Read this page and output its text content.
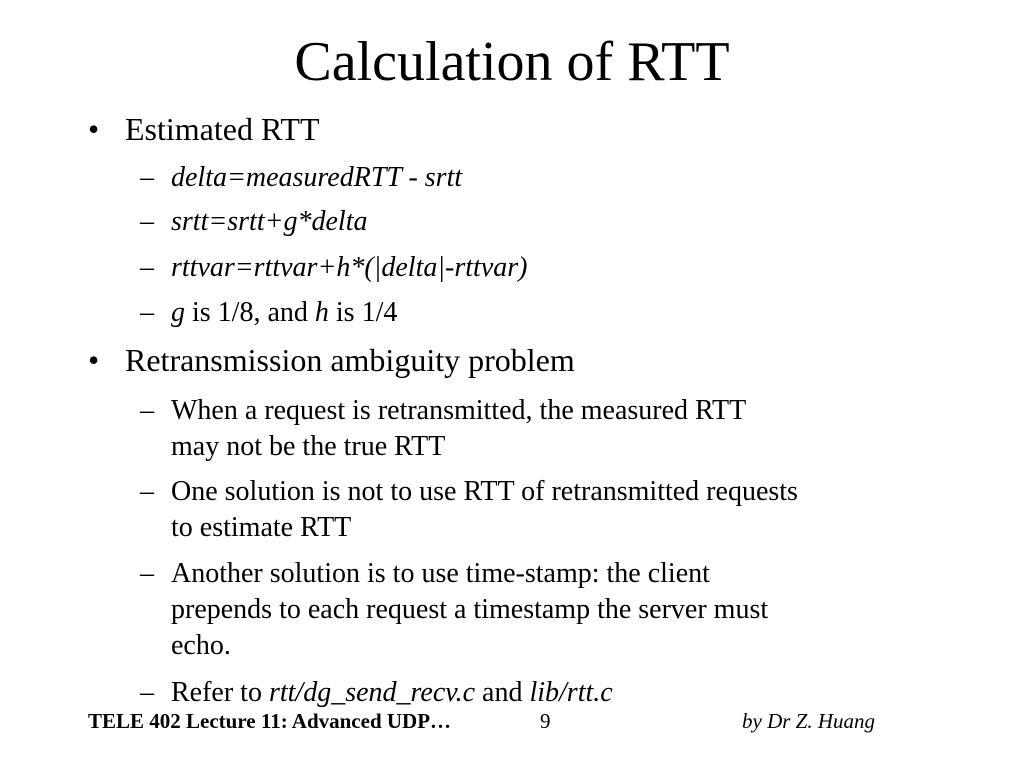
Calculation of RTT
• Estimated RTT
– delta=measuredRTT - srtt
– srtt=srtt+g*delta
– rttvar=rttvar+h*(|delta|-rttvar)
– g is 1/8, and h is 1/4
• Retransmission ambiguity problem
– When a request is retransmitted, the measured RTT
may not be the true RTT
– One solution is not to use RTT of retransmitted requests
to estimate RTT
– Another solution is to use time-stamp: the client
prepends to each request a timestamp the server must
echo.
– Refer to rtt/dg_send_recv.c and lib/rtt.c
TELE 402 Lecture 11: Advanced UDP…	9	by Dr Z. Huang
